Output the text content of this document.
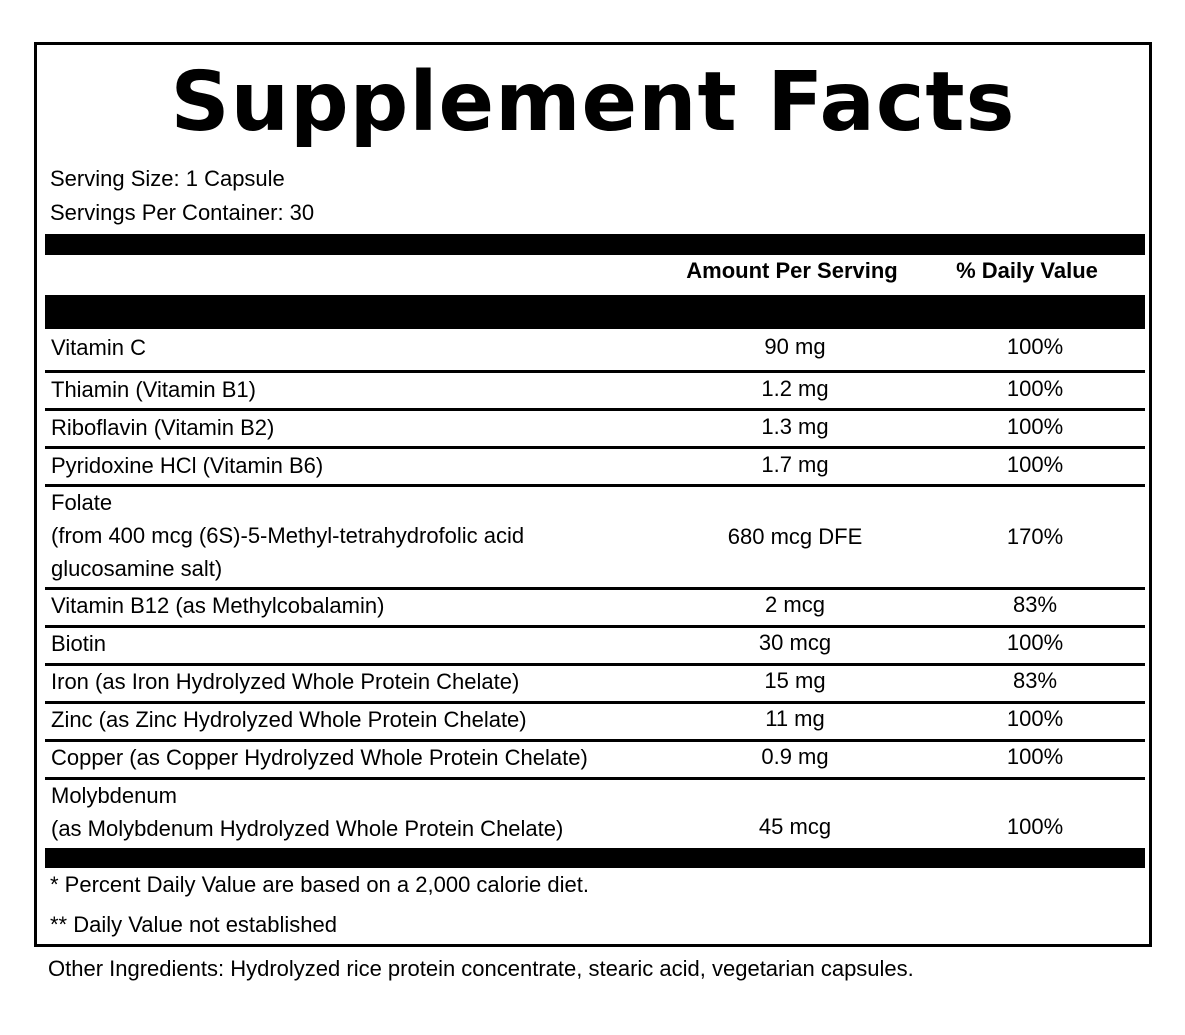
Supplement Facts
Serving Size: 1 Capsule
Servings Per Container: 30
Amount Per Serving	% Daily Value
Vitamin C	90 mg	100%
Thiamin (Vitamin B1)	1.2 mg	100%
Riboflavin (Vitamin B2)	1.3 mg	100%
Pyridoxine HCl (Vitamin B6)	1.7 mg	100%
Folate
(from 400 mcg (6S)-5-Methyl-tetrahydrofolic acid
glucosamine salt)
680 mcg DFE	170%
Vitamin B12 (as Methylcobalamin)	2 mcg	83%
Biotin	30 mcg	100%
Iron (as Iron Hydrolyzed Whole Protein Chelate)	15 mg	83%
Zinc (as Zinc Hydrolyzed Whole Protein Chelate)	11 mg	100%
Copper (as Copper Hydrolyzed Whole Protein Chelate)	0.9 mg	100%
Molybdenum
(as Molybdenum Hydrolyzed Whole Protein Chelate)	45 mcg	100%
* Percent Daily Value are based on a 2,000 calorie diet.
** Daily Value not established
Other Ingredients: Hydrolyzed rice protein concentrate, stearic acid, vegetarian capsules.
